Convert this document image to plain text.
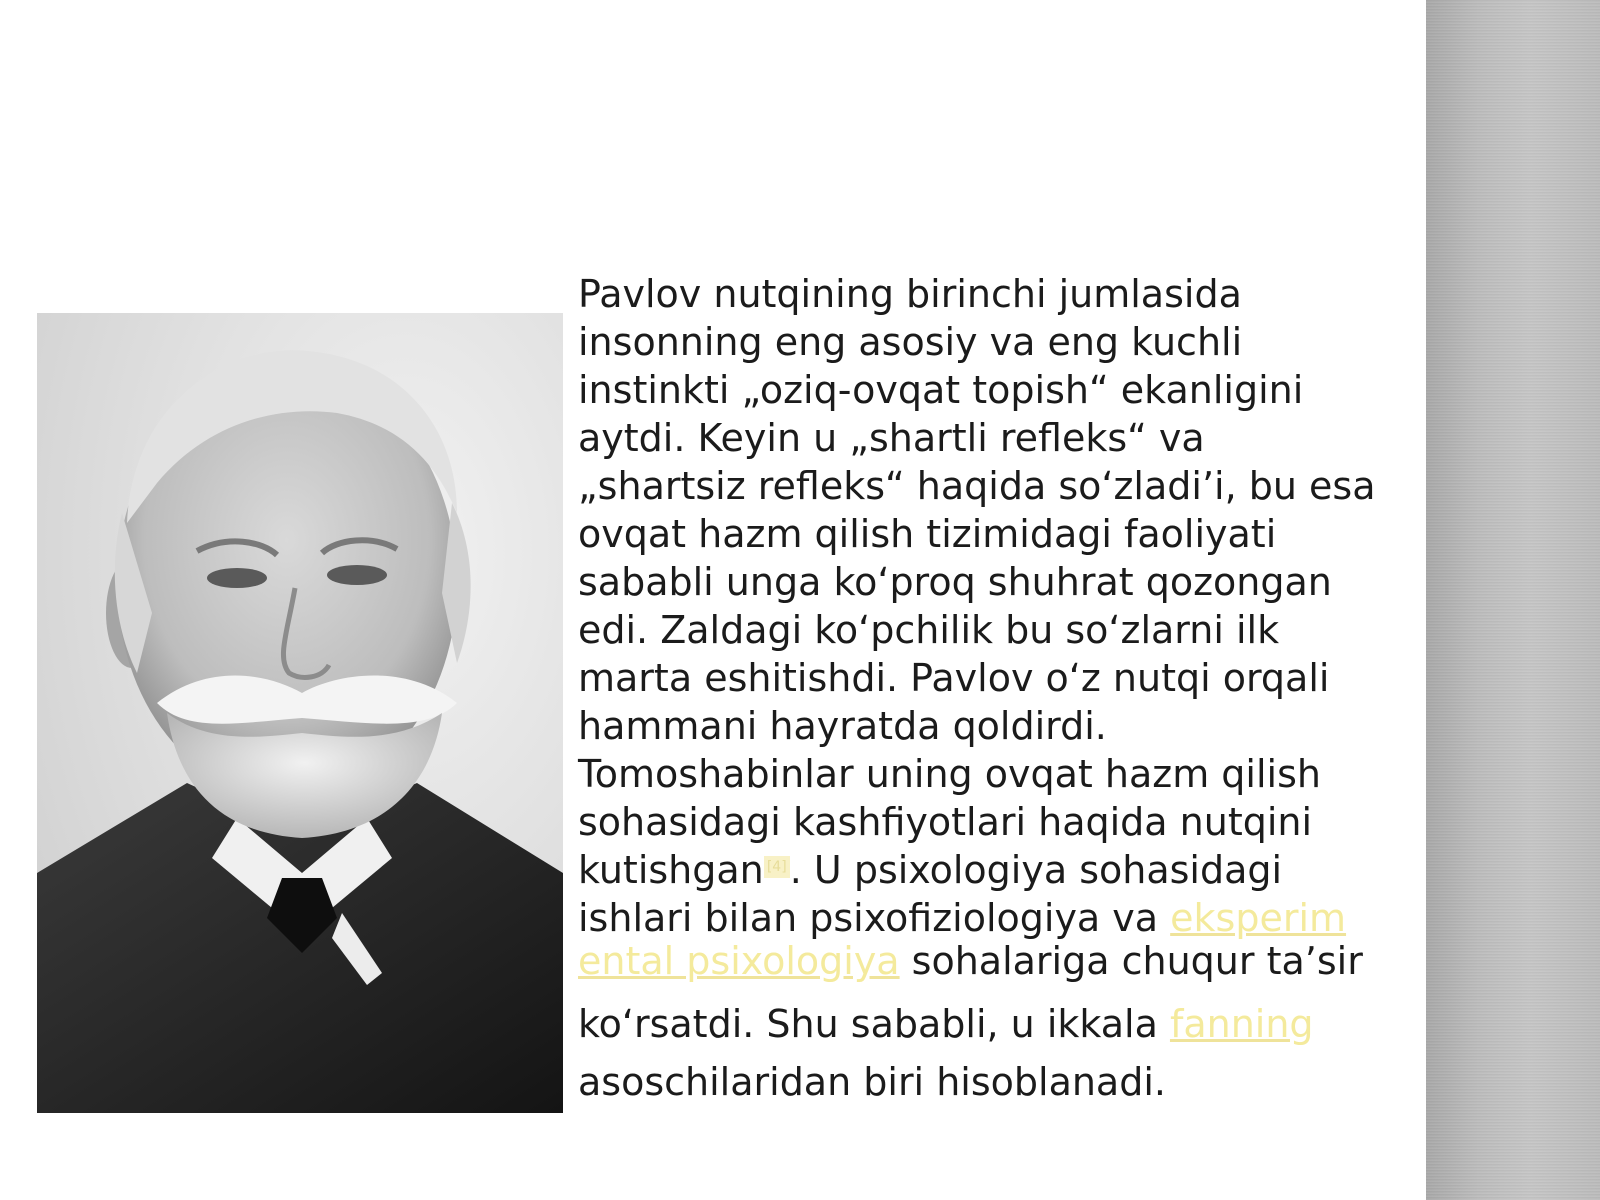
Pavlov nutqining birinchi jumlasida
insonning eng asosiy va eng kuchli
instinkti „oziq-ovqat topish“ ekanligini
aytdi. Keyin u „shartli refleks“ va
„shartsiz refleks“ haqida so‘zladi’i, bu esa
ovqat hazm qilish tizimidagi faoliyati
sababli unga ko‘proq shuhrat qozongan
edi. Zaldagi ko‘pchilik bu so‘zlarni ilk
marta eshitishdi. Pavlov o‘z nutqi orqali
hammani hayratda qoldirdi.
Tomoshabinlar uning ovqat hazm qilish
sohasidagi kashfiyotlari haqida nutqini
kutishgan [4]. U psixologiya sohasidagi
ishlari bilan psixofiziologiya va eksperim
ental psixologiya sohalariga chuqur ta’sir
ko‘rsatdi. Shu sababli, u ikkala fanning
asoschilaridan biri hisoblanadi.
